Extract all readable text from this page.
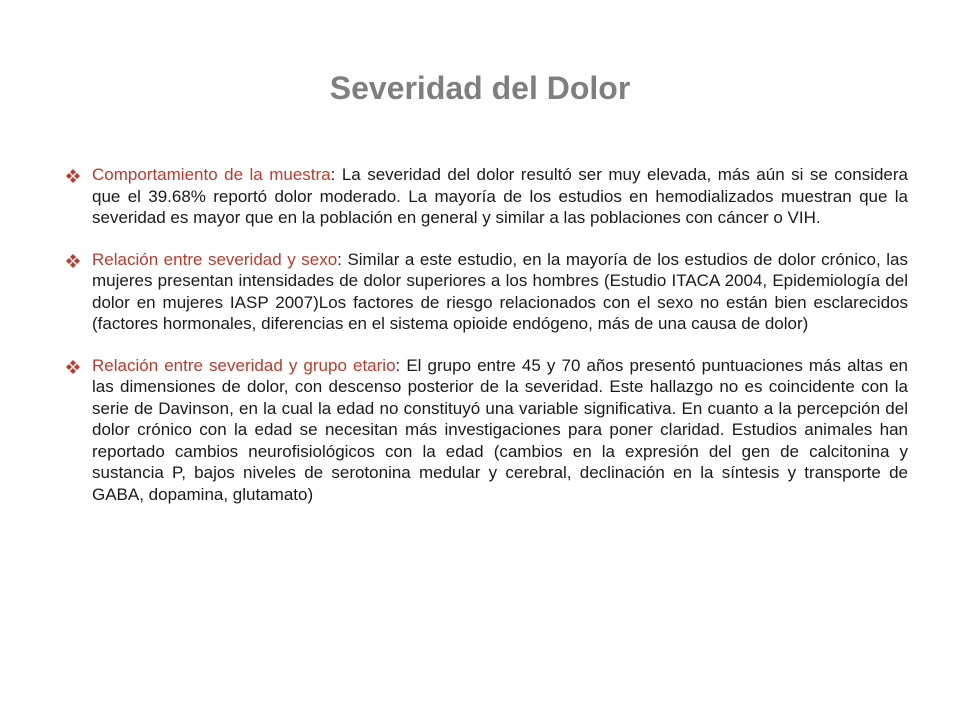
Severidad del Dolor
Comportamiento de la muestra: La severidad del dolor resultó ser muy elevada, más aún si se considera que el 39.68% reportó dolor moderado. La mayoría de los estudios en hemodializados muestran que la severidad es mayor que en la población en general y similar a las poblaciones con cáncer o VIH.
Relación entre severidad y sexo: Similar a este estudio, en la mayoría de los estudios de dolor crónico, las mujeres presentan intensidades de dolor superiores a los hombres (Estudio ITACA 2004, Epidemiología del dolor en mujeres IASP 2007)Los factores de riesgo relacionados con el sexo no están bien esclarecidos (factores hormonales, diferencias en el sistema opioide endógeno, más de una causa de dolor)
Relación entre severidad y grupo etario: El grupo entre 45 y 70 años presentó puntuaciones más altas en las dimensiones de dolor, con descenso posterior de la severidad. Este hallazgo no es coincidente con la serie de Davinson, en la cual la edad no constituyó una variable significativa. En cuanto a la percepción del dolor crónico con la edad se necesitan más investigaciones para poner claridad. Estudios animales han reportado cambios neurofisiológicos con la edad (cambios en la expresión del gen de calcitonina y sustancia P, bajos niveles de serotonina medular y cerebral, declinación en la síntesis y transporte de GABA, dopamina, glutamato)
